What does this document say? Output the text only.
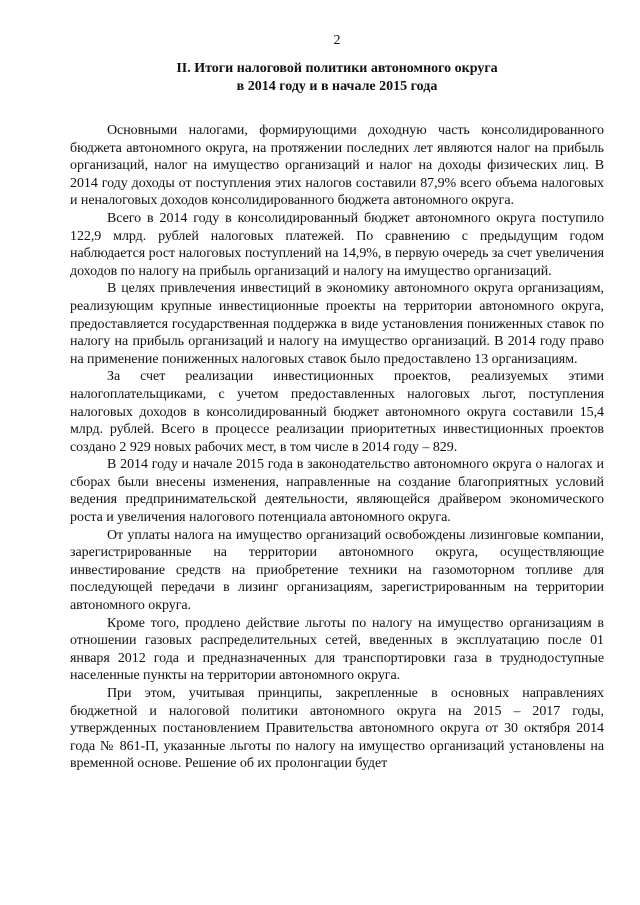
2
II. Итоги налоговой политики автономного округа
в 2014 году и в начале 2015 года

Основными налогами, формирующими доходную часть консолидированного бюджета автономного округа, на протяжении последних лет являются налог на прибыль организаций, налог на имущество организаций и налог на доходы физических лиц. В 2014 году доходы от поступления этих налогов составили 87,9% всего объема налоговых и неналоговых доходов консолидированного бюджета автономного округа.

Всего в 2014 году в консолидированный бюджет автономного округа поступило 122,9 млрд. рублей налоговых платежей. По сравнению с предыдущим годом наблюдается рост налоговых поступлений на 14,9%, в первую очередь за счет увеличения доходов по налогу на прибыль организаций и налогу на имущество организаций.

В целях привлечения инвестиций в экономику автономного округа организациям, реализующим крупные инвестиционные проекты на территории автономного округа, предоставляется государственная поддержка в виде установления пониженных ставок по налогу на прибыль организаций и налогу на имущество организаций. В 2014 году право на применение пониженных налоговых ставок было предоставлено 13 организациям.

За счет реализации инвестиционных проектов, реализуемых этими налогоплательщиками, с учетом предоставленных налоговых льгот, поступления налоговых доходов в консолидированный бюджет автономного округа составили 15,4 млрд. рублей. Всего в процессе реализации приоритетных инвестиционных проектов создано 2 929 новых рабочих мест, в том числе в 2014 году – 829.

В 2014 году и начале 2015 года в законодательство автономного округа о налогах и сборах были внесены изменения, направленные на создание благоприятных условий ведения предпринимательской деятельности, являющейся драйвером экономического роста и увеличения налогового потенциала автономного округа.

От уплаты налога на имущество организаций освобождены лизинговые компании, зарегистрированные на территории автономного округа, осуществляющие инвестирование средств на приобретение техники на газомоторном топливе для последующей передачи в лизинг организациям, зарегистрированным на территории автономного округа.

Кроме того, продлено действие льготы по налогу на имущество организациям в отношении газовых распределительных сетей, введенных в эксплуатацию после 01 января 2012 года и предназначенных для транспортировки газа в труднодоступные населенные пункты на территории автономного округа.

При этом, учитывая принципы, закрепленные в основных направлениях бюджетной и налоговой политики автономного округа на 2015 – 2017 годы, утвержденных постановлением Правительства автономного округа от 30 октября 2014 года № 861-П, указанные льготы по налогу на имущество организаций установлены на временной основе. Решение об их пролонгации будет
